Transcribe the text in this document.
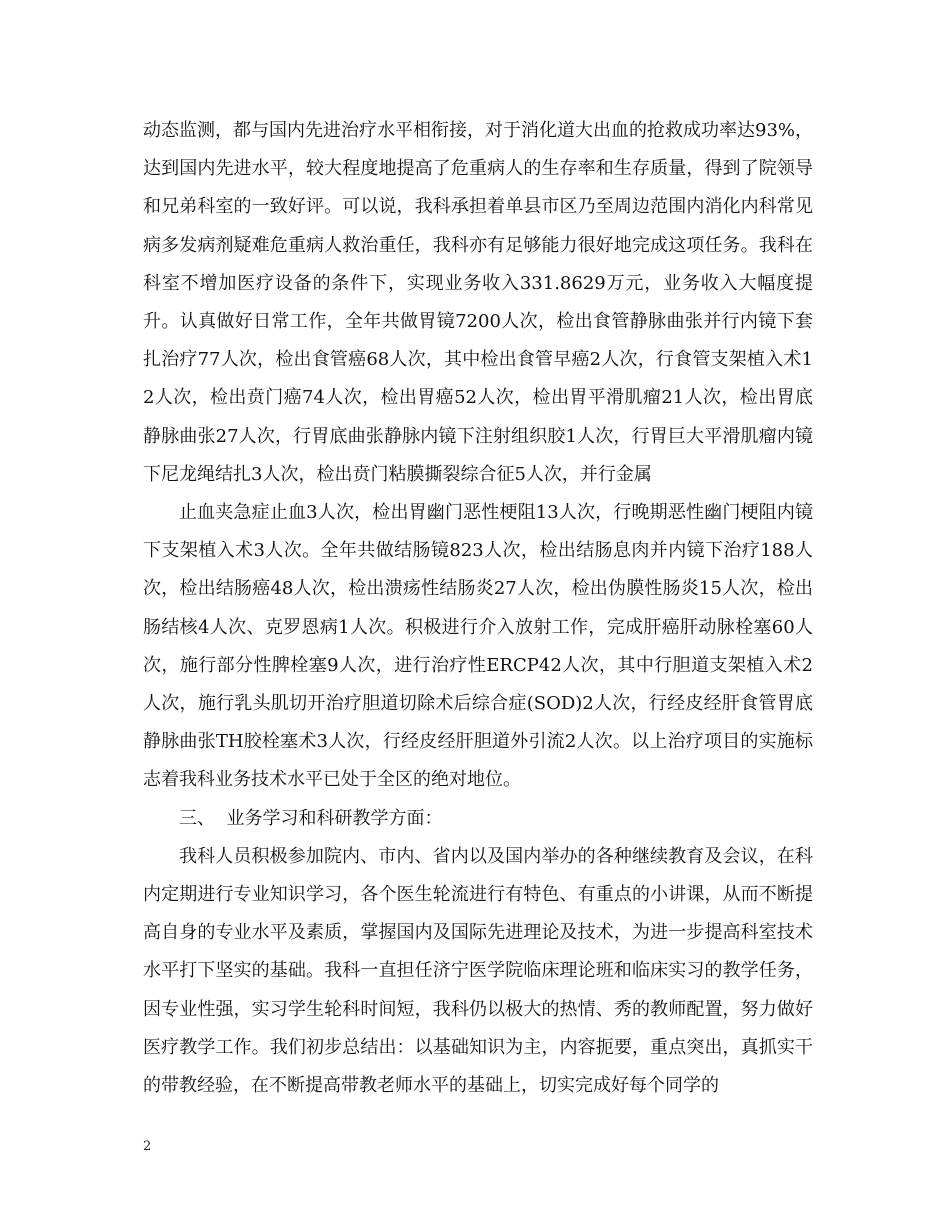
动态监测，都与国内先进治疗水平相衔接，对于消化道大出血的抢救成功率达93%，达到国内先进水平，较大程度地提高了危重病人的生存率和生存质量，得到了院领导和兄弟科室的一致好评。可以说，我科承担着单县市区乃至周边范围内消化内科常见病多发病剂疑难危重病人救治重任，我科亦有足够能力很好地完成这项任务。我科在科室不增加医疗设备的条件下，实现业务收入331.8629万元，业务收入大幅度提升。认真做好日常工作，全年共做胃镜7200人次，检出食管静脉曲张并行内镜下套扎治疗77人次，检出食管癌68人次，其中检出食管早癌2人次，行食管支架植入术12人次，检出贲门癌74人次，检出胃癌52人次，检出胃平滑肌瘤21人次，检出胃底静脉曲张27人次，行胃底曲张静脉内镜下注射组织胶1人次，行胃巨大平滑肌瘤内镜下尼龙绳结扎3人次，检出贲门粘膜撕裂综合征5人次，并行金属

止血夹急症止血3人次，检出胃幽门恶性梗阻13人次，行晚期恶性幽门梗阻内镜下支架植入术3人次。全年共做结肠镜823人次，检出结肠息肉并内镜下治疗188人次，检出结肠癌48人次，检出溃疡性结肠炎27人次，检出伪膜性肠炎15人次，检出肠结核4人次、克罗恩病1人次。积极进行介入放射工作，完成肝癌肝动脉栓塞60人次，施行部分性脾栓塞9人次，进行治疗性ERCP42人次，其中行胆道支架植入术2人次，施行乳头肌切开治疗胆道切除术后综合症(SOD)2人次，行经皮经肝食管胃底静脉曲张TH胶栓塞术3人次，行经皮经肝胆道外引流2人次。以上治疗项目的实施标志着我科业务技术水平已处于全区的绝对地位。

三、  业务学习和科研教学方面：

我科人员积极参加院内、市内、省内以及国内举办的各种继续教育及会议，在科内定期进行专业知识学习，各个医生轮流进行有特色、有重点的小讲课，从而不断提高自身的专业水平及素质，掌握国内及国际先进理论及技术，为进一步提高科室技术水平打下坚实的基础。我科一直担任济宁医学院临床理论班和临床实习的教学任务，因专业性强，实习学生轮科时间短，我科仍以极大的热情、秀的教师配置，努力做好医疗教学工作。我们初步总结出：以基础知识为主，内容扼要，重点突出，真抓实干的带教经验，在不断提高带教老师水平的基础上，切实完成好每个同学的

2
